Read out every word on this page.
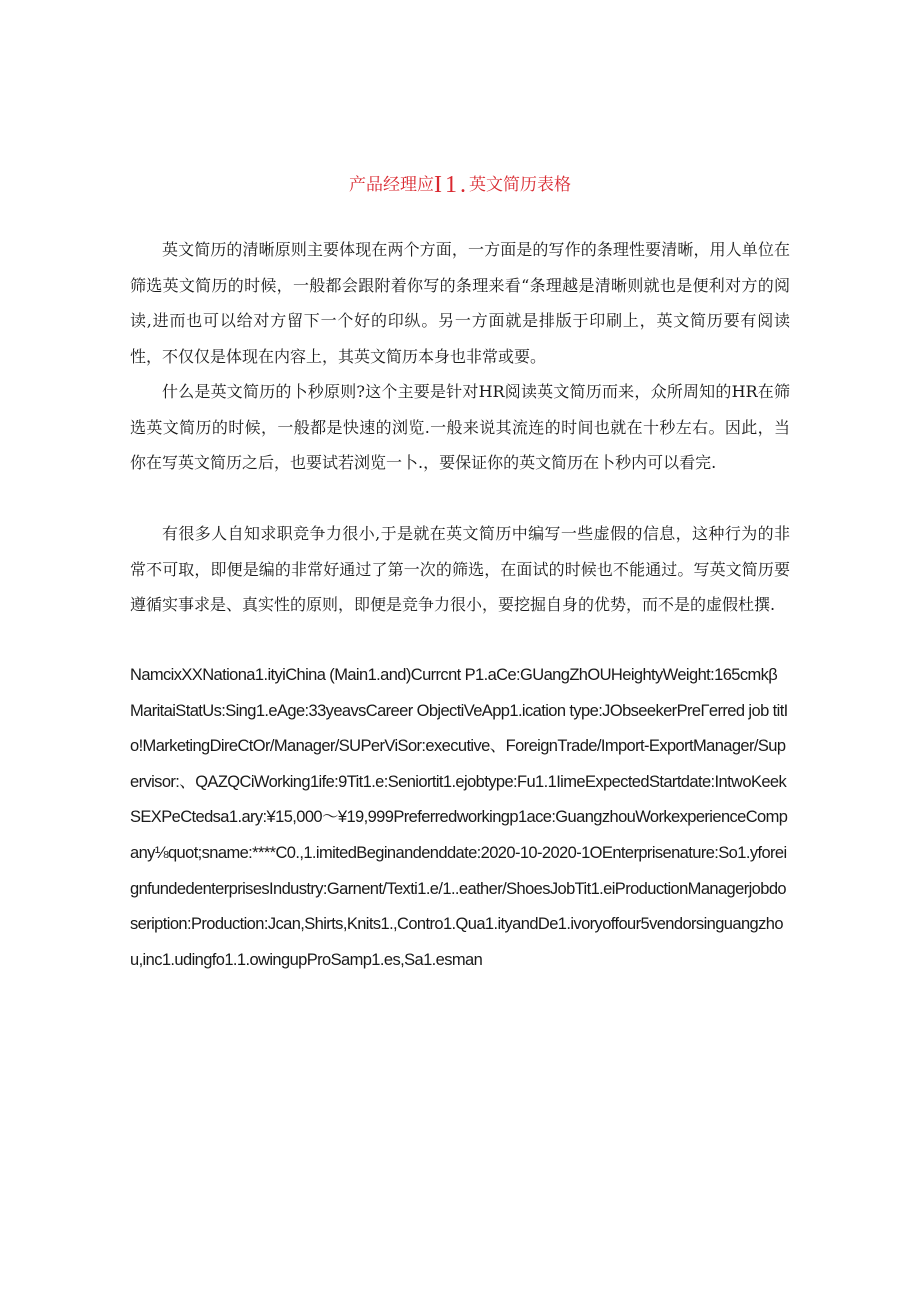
产品经理应I1.英文简历表格

英文简历的清晰原则主要体现在两个方面，一方面是的写作的条理性要清晰，用人单位在筛选英文简历的时候，一般都会跟附着你写的条理来看“条理越是清晰则就也是便利对方的阅读,进而也可以给对方留下一个好的印纵。另一方面就是排版于印刷上，英文简历要有阅读性，不仅仅是体现在内容上，其英文简历本身也非常或要。

什么是英文简历的卜秒原则?这个主要是针对HR阅读英文简历而来，众所周知的HR在筛选英文简历的时候，一般都是快速的浏览.一般来说其流连的时间也就在十秒左右。因此，当你在写英文简历之后，也要试若浏览一卜.，要保证你的英文简历在卜秒内可以看完.

有很多人自知求职竞争力很小,于是就在英文简历中编写一些虚假的信息，这种行为的非常不可取，即便是编的非常好通过了第一次的筛选，在面试的时候也不能通过。写英文简历要遵循实事求是、真实性的原则，即便是竞争力很小，要挖掘自身的优势，而不是的虚假杜撰.

NamcixXXNationa1.ityiChina (Main1.and)Currcnt P1.aCe:GUangZhOUHeightyWeight:165cmkβMaritaiStatUs:Sing1.eAge:33yeavsCareer ObjectiVeApp1.ication type:JObseekerPreΓerred job titIo!MarketingDireCtOr/Manager/SUPerViSor:executive、ForeignTrade/Import-ExportManager/Supervisor:、QAZQCiWorking1ife:9Tit1.e:Seniortit1.ejobtype:Fu1.1IimeExpectedStartdate:IntwoKeekSEXPeCtedsa1.ary:¥15,000～¥19,999Preferredworkingp1ace:GuangzhouWorkexperienceCompany⅛quot;sname:****C0.,1.imitedBeginandenddate:2020-10-2020-1OEnterprisenature:So1.yforeignfundedenterprisesIndustry:Garnent/Texti1.e/1..eather/ShoesJobTit1.eiProductionManagerjobdoseription:Production:Jcan,Shirts,Knits1.,Contro1.Qua1.ityandDe1.ivoryoffour5vendorsinguangzhou,inc1.udingfo1.1.owingupProSamp1.es,Sa1.esman
